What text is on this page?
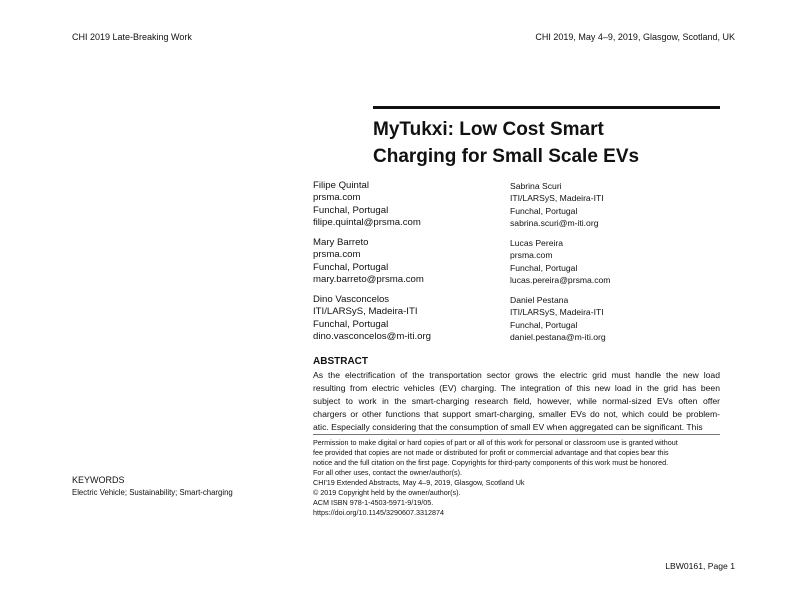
CHI 2019 Late-Breaking Work	CHI 2019, May 4–9, 2019, Glasgow, Scotland, UK
MyTukxi: Low Cost Smart
Charging for Small Scale EVs
Filipe Quintal
prsma.com
Funchal, Portugal
filipe.quintal@prsma.com
Mary Barreto
prsma.com
Funchal, Portugal
mary.barreto@prsma.com
Dino Vasconcelos
ITI/LARSyS, Madeira-ITI
Funchal, Portugal
dino.vasconcelos@m-iti.org
Sabrina Scuri
ITI/LARSyS, Madeira-ITI
Funchal, Portugal
sabrina.scuri@m-iti.org
Lucas Pereira
prsma.com
Funchal, Portugal
lucas.pereira@prsma.com
Daniel Pestana
ITI/LARSyS, Madeira-ITI
Funchal, Portugal
daniel.pestana@m-iti.org
ABSTRACT
As the electrification of the transportation sector grows the electric grid must handle the new load
resulting from electric vehicles (EV) charging. The integration of this new load in the grid has been
subject to work in the smart-charging research field, however, while normal-sized EVs often offer
chargers or other functions that support smart-charging, smaller EVs do not, which could be problem-
atic. Especially considering that the consumption of small EV when aggregated can be significant. This
Permission to make digital or hard copies of part or all of this work for personal or classroom use is granted without
fee provided that copies are not made or distributed for profit or commercial advantage and that copies bear this
notice and the full citation on the first page. Copyrights for third-party components of this work must be honored.
For all other uses, contact the owner/author(s).
CHI'19 Extended Abstracts, May 4–9, 2019, Glasgow, Scotland Uk
© 2019 Copyright held by the owner/author(s).
ACM ISBN 978-1-4503-5971-9/19/05.
https://doi.org/10.1145/3290607.3312874
KEYWORDS
Electric Vehicle; Sustainability; Smart-charging
LBW0161, Page 1
